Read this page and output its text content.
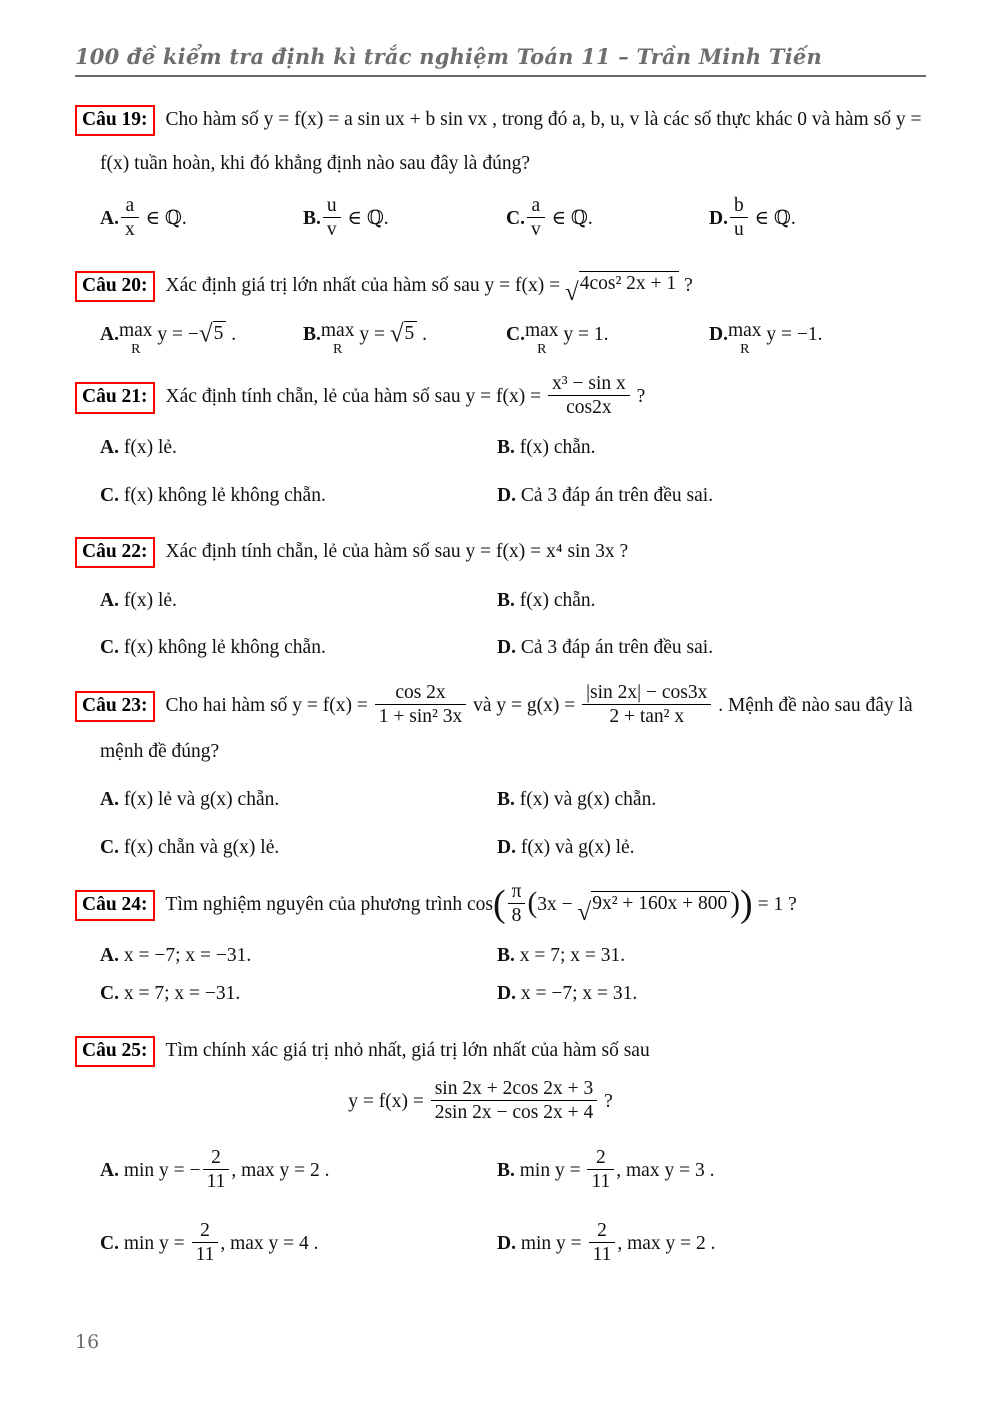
100 đề kiểm tra định kì trắc nghiệm Toán 11 – Trần Minh Tiến
Câu 19: Cho hàm số y = f(x) = a sin ux + b sin vx , trong đó a, b, u, v là các số thực khác 0 và hàm số y = f(x) tuần hoàn, khi đó khẳng định nào sau đây là đúng?
A. $\frac{a}{x}$ ∈ ℚ.	B. $\frac{u}{v}$ ∈ ℚ.	C. $\frac{a}{v}$ ∈ ℚ.	D. $\frac{b}{u}$ ∈ ℚ.
Câu 20: Xác định giá trị lớn nhất của hàm số sau y = f(x) = √4cos² 2x + 1 ?
A. max
R
y = −√5 .	B. max
R
y = √5 .	C. max
R
y = 1.	D. max
R
y = −1.
Câu 21: Xác định tính chẵn, lẻ của hàm số sau $y = f(x) = \frac{\text{x³ − sin x}}{\cos 2x}$ ?
A. f(x) lẻ.	B. f(x) chẵn.
C. f(x) không lẻ không chẵn.	D. Cả 3 đáp án trên đều sai.
Câu 22: Xác định tính chẵn, lẻ của hàm số sau y = f(x) = x⁴ sin 3x ?
A. f(x) lẻ.	B. f(x) chẵn.
C. f(x) không lẻ không chẵn.	D. Cả 3 đáp án trên đều sai.
Câu 23: Cho hai hàm số $y = f(x) = \frac{\cos 2x}{\text{1 + sin² 3x}}$ và $y = g(x) = \frac{|\sin 2x| - \cos 3x}{\text{2 + tan² x}}$ . Mệnh đề nào sau đây là mệnh đề đúng?
A. f(x) lẻ và g(x) chẵn.	B. f(x) và g(x) chẵn.
C. f(x) chẵn và g(x) lẻ.	D. f(x) và g(x) lẻ.
Câu 24: Tìm nghiệm nguyên của phương trình $\cos( \frac{\pi}{8} (3x - √9x^2 + 160x + 800$ )) = 1 ?
A. x = −7; x = −31.	B. x = 7; x = 31.
C. x = 7; x = −31.	D. x = −7; x = 31.
Câu 25: Tìm chính xác giá trị nhỏ nhất, giá trị lớn nhất của hàm số sau
$y = f(x) = \frac{\sin 2x + 2\cos 2x + 3}{2\sin 2x - \cos 2x + 4}$ ?
A. min y = − $\frac{2}{11}$ , max y = 2 .	B. $\min y = \frac{2}{11}$ , max y = 3 .
C. $\min y = \frac{2}{11}$ , max y = 4 .	D. $\min y = \frac{2}{11}$ , max y = 2 .
16
